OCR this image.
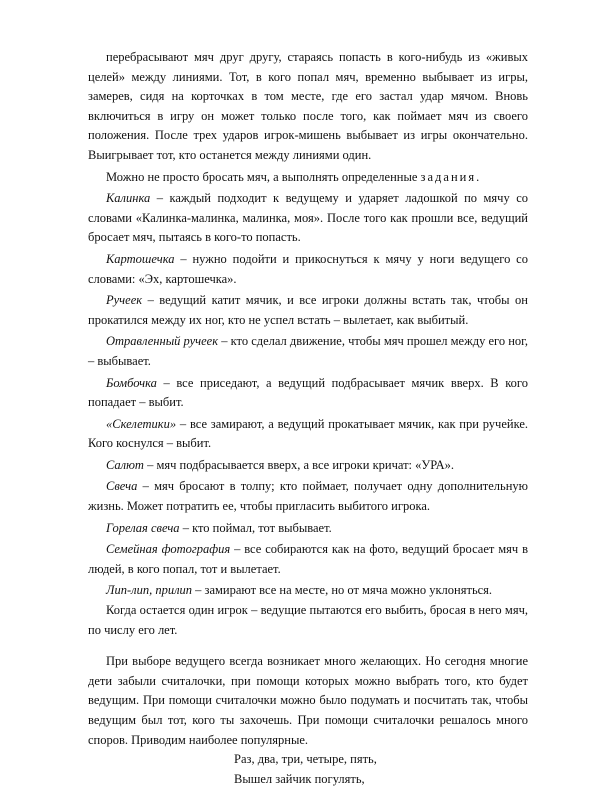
перебрасывают мяч друг другу, стараясь попасть в кого-нибудь из «живых целей» между линиями. Тот, в кого попал мяч, временно выбывает из игры, замерев, сидя на корточках в том месте, где его застал удар мячом. Вновь включиться в игру он может только после того, как поймает мяч из своего положения. После трех ударов игрок-мишень выбывает из игры окончательно. Выигрывает тот, кто останется между линиями один.

Можно не просто бросать мяч, а выполнять определенные задания.

Калинка – каждый подходит к ведущему и ударяет ладошкой по мячу со словами «Калинка-малинка, малинка, моя». После того как прошли все, ведущий бросает мяч, пытаясь в кого-то попасть.

Картошечка – нужно подойти и прикоснуться к мячу у ноги ведущего со словами: «Эх, картошечка».

Ручеек – ведущий катит мячик, и все игроки должны встать так, чтобы он прокатился между их ног, кто не успел встать – вылетает, как выбитый.

Отравленный ручеек – кто сделал движение, чтобы мяч прошел между его ног, – выбывает.

Бомбочка – все приседают, а ведущий подбрасывает мячик вверх. В кого попадает – выбит.

«Скелетики» – все замирают, а ведущий прокатывает мячик, как при ручейке. Кого коснулся – выбит.

Салют – мяч подбрасывается вверх, а все игроки кричат: «УРА».

Свеча – мяч бросают в толпу; кто поймает, получает одну дополнительную жизнь. Может потратить ее, чтобы пригласить выбитого игрока.

Горелая свеча – кто поймал, тот выбывает.

Семейная фотография – все собираются как на фото, ведущий бросает мяч в людей, в кого попал, тот и вылетает.

Лип-лип, прилип – замирают все на месте, но от мяча можно уклоняться.

Когда остается один игрок – ведущие пытаются его выбить, бросая в него мяч, по числу его лет.

При выборе ведущего всегда возникает много желающих. Но сегодня многие дети забыли считалочки, при помощи которых можно выбрать того, кто будет ведущим. При помощи считалочки можно было подумать и посчитать так, чтобы ведущим был тот, кого ты захочешь. При помощи считалочки решалось много споров. Приводим наиболее популярные.

Раз, два, три, четыре, пять,

Вышел зайчик погулять,
